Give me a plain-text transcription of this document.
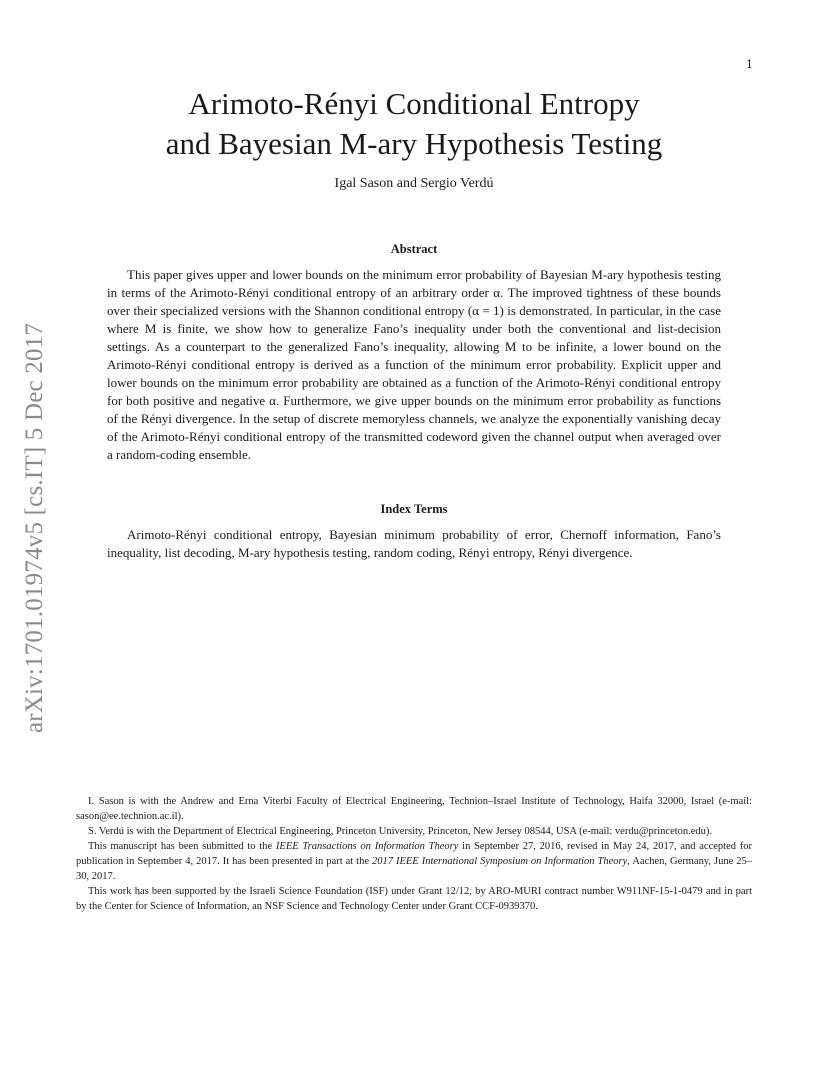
1
arXiv:1701.01974v5 [cs.IT] 5 Dec 2017
Arimoto-Rényi Conditional Entropy
and Bayesian M-ary Hypothesis Testing
Igal Sason and Sergio Verdú
Abstract
This paper gives upper and lower bounds on the minimum error probability of Bayesian M-ary hypothesis testing in terms of the Arimoto-Rényi conditional entropy of an arbitrary order α. The improved tightness of these bounds over their specialized versions with the Shannon conditional entropy (α = 1) is demonstrated. In particular, in the case where M is finite, we show how to generalize Fano’s inequality under both the conventional and list-decision settings. As a counterpart to the generalized Fano’s inequality, allowing M to be infinite, a lower bound on the Arimoto-Rényi conditional entropy is derived as a function of the minimum error probability. Explicit upper and lower bounds on the minimum error probability are obtained as a function of the Arimoto-Rényi conditional entropy for both positive and negative α. Furthermore, we give upper bounds on the minimum error probability as functions of the Rényi divergence. In the setup of discrete memoryless channels, we analyze the exponentially vanishing decay of the Arimoto-Rényi conditional entropy of the transmitted codeword given the channel output when averaged over a random-coding ensemble.
Index Terms
Arimoto-Rényi conditional entropy, Bayesian minimum probability of error, Chernoff information, Fano’s inequality, list decoding, M-ary hypothesis testing, random coding, Rényi entropy, Rényi divergence.

I. Sason is with the Andrew and Erna Viterbi Faculty of Electrical Engineering, Technion–Israel Institute of Technology, Haifa 32000, Israel (e-mail: sason@ee.technion.ac.il).

S. Verdú is with the Department of Electrical Engineering, Princeton University, Princeton, New Jersey 08544, USA (e-mail: verdu@princeton.edu).

This manuscript has been submitted to the IEEE Transactions on Information Theory in September 27, 2016, revised in May 24, 2017, and accepted for publication in September 4, 2017. It has been presented in part at the 2017 IEEE International Symposium on Information Theory, Aachen, Germany, June 25–30, 2017.

This work has been supported by the Israeli Science Foundation (ISF) under Grant 12/12, by ARO-MURI contract number W911NF-15-1-0479 and in part by the Center for Science of Information, an NSF Science and Technology Center under Grant CCF-0939370.
